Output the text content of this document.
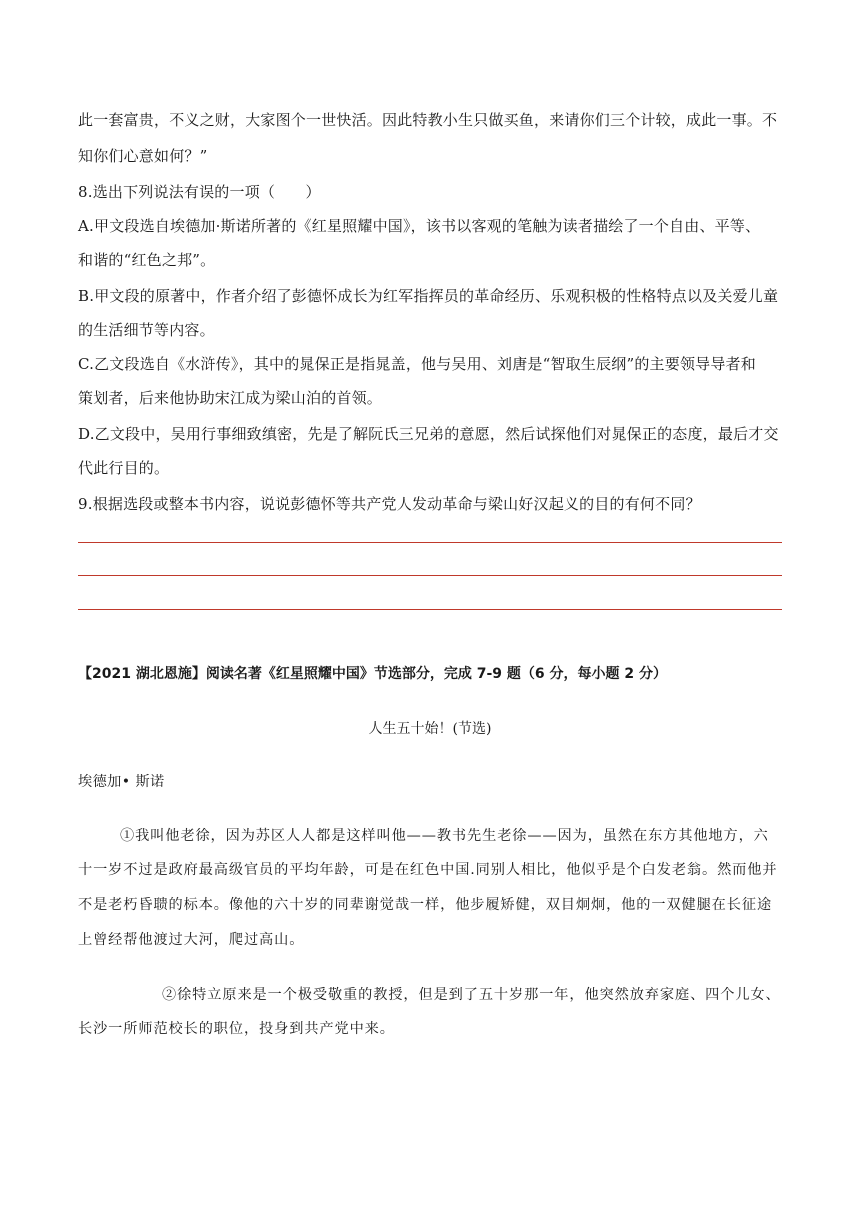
此一套富贵，不义之财，大家图个一世快活。因此特教小生只做买鱼，来请你们三个计较，成此一事。不
知你们心意如何？”
8.选出下列说法有误的一项（　　）
A.甲文段选自埃德加·斯诺所著的《红星照耀中国》，该书以客观的笔触为读者描绘了一个自由、平等、
和谐的“红色之邦”。
B.甲文段的原著中，作者介绍了彭德怀成长为红军指挥员的革命经历、乐观积极的性格特点以及关爱儿童
的生活细节等内容。
C.乙文段选自《水浒传》，其中的晁保正是指晁盖，他与吴用、刘唐是“智取生辰纲”的主要领导导者和
策划者，后来他协助宋江成为梁山泊的首领。
D.乙文段中，吴用行事细致缜密，先是了解阮氏三兄弟的意愿，然后试探他们对晁保正的态度，最后才交
代此行目的。
9.根据选段或整本书内容，说说彭德怀等共产党人发动革命与梁山好汉起义的目的有何不同？
【2021 湖北恩施】阅读名著《红星照耀中国》节选部分，完成 7-9 题（6 分，每小题 2 分）
人生五十始！(节选)
埃德加• 斯诺
①我叫他老徐，因为苏区人人都是这样叫他——教书先生老徐——因为，虽然在东方其他地方，六
十一岁不过是政府最高级官员的平均年龄，可是在红色中国.同别人相比，他似乎是个白发老翁。然而他并
不是老朽昏聩的标本。像他的六十岁的同辈谢觉哉一样，他步履矫健，双目炯炯，他的一双健腿在长征途
上曾经帮他渡过大河，爬过高山。
②徐特立原来是一个极受敬重的教授，但是到了五十岁那一年，他突然放弃家庭、四个儿女、
长沙一所师范校长的职位，投身到共产党中来。
